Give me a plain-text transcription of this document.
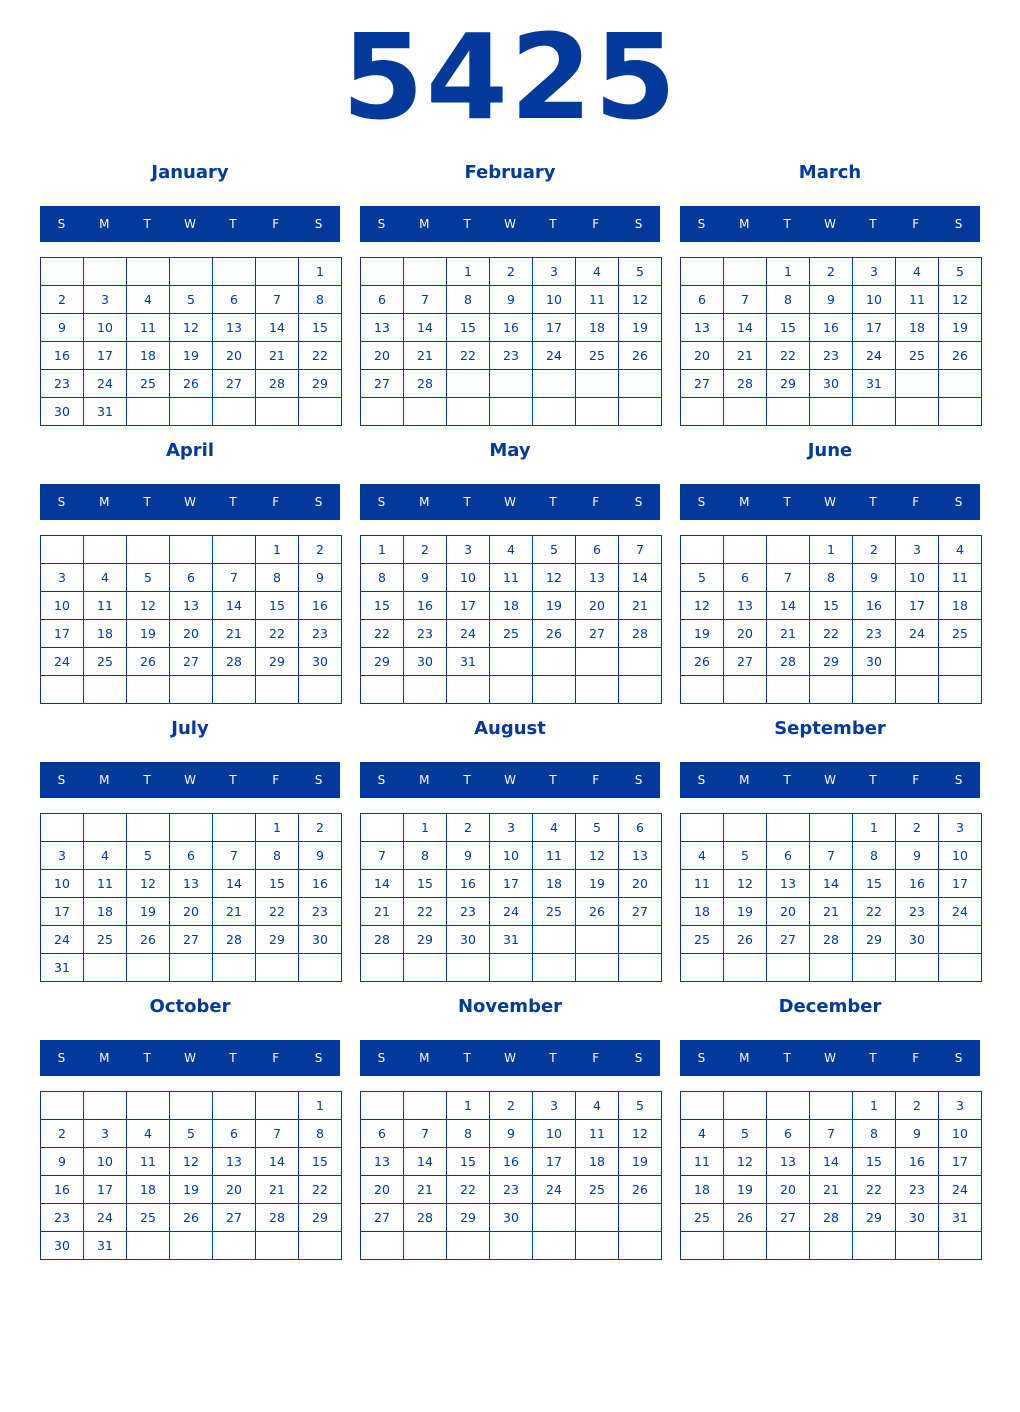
5425
January
S	M	T	W	T	F	S
						1
2	3	4	5	6	7	8
9	10	11	12	13	14	15
16	17	18	19	20	21	22
23	24	25	26	27	28	29
30	31					
February
S	M	T	W	T	F	S
		1	2	3	4	5
6	7	8	9	10	11	12
13	14	15	16	17	18	19
20	21	22	23	24	25	26
27	28					

March
S	M	T	W	T	F	S
		1	2	3	4	5
6	7	8	9	10	11	12
13	14	15	16	17	18	19
20	21	22	23	24	25	26
27	28	29	30	31		

April
S	M	T	W	T	F	S
					1	2
3	4	5	6	7	8	9
10	11	12	13	14	15	16
17	18	19	20	21	22	23
24	25	26	27	28	29	30

May
S	M	T	W	T	F	S
1	2	3	4	5	6	7
8	9	10	11	12	13	14
15	16	17	18	19	20	21
22	23	24	25	26	27	28
29	30	31				

June
S	M	T	W	T	F	S
			1	2	3	4
5	6	7	8	9	10	11
12	13	14	15	16	17	18
19	20	21	22	23	24	25
26	27	28	29	30		

July
S	M	T	W	T	F	S
					1	2
3	4	5	6	7	8	9
10	11	12	13	14	15	16
17	18	19	20	21	22	23
24	25	26	27	28	29	30
31						
August
S	M	T	W	T	F	S
	1	2	3	4	5	6
7	8	9	10	11	12	13
14	15	16	17	18	19	20
21	22	23	24	25	26	27
28	29	30	31			

September
S	M	T	W	T	F	S
				1	2	3
4	5	6	7	8	9	10
11	12	13	14	15	16	17
18	19	20	21	22	23	24
25	26	27	28	29	30	

October
S	M	T	W	T	F	S
						1
2	3	4	5	6	7	8
9	10	11	12	13	14	15
16	17	18	19	20	21	22
23	24	25	26	27	28	29
30	31					
November
S	M	T	W	T	F	S
		1	2	3	4	5
6	7	8	9	10	11	12
13	14	15	16	17	18	19
20	21	22	23	24	25	26
27	28	29	30			

December
S	M	T	W	T	F	S
				1	2	3
4	5	6	7	8	9	10
11	12	13	14	15	16	17
18	19	20	21	22	23	24
25	26	27	28	29	30	31
